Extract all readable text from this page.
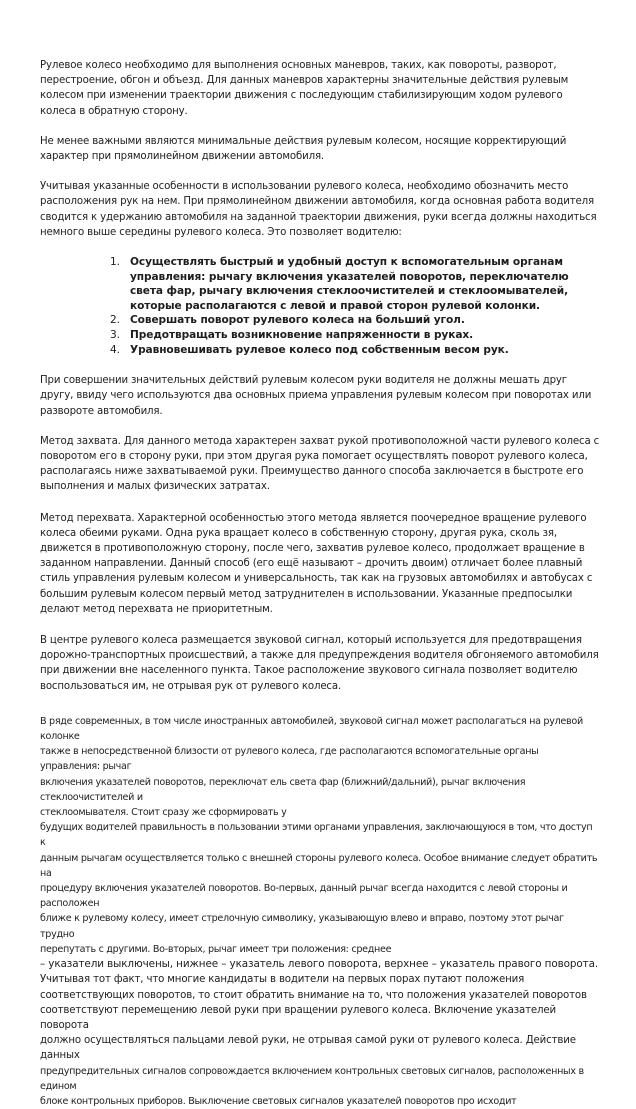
Рулевое колесо необходимо для выполнения основных маневров, таких, как повороты, разворот, перестроение, обгон и объезд. Для данных маневров характерны значительные действия рулевым колесом при изменении траектории движения с последующим стабилизирующим ходом рулевого колеса в обратную сторону.

Не менее важными являются минимальные действия рулевым колесом, носящие корректирующий характер при прямолинейном движении автомобиля.

Учитывая указанные особенности в использовании рулевого колеса, необходимо обозначить место расположения рук на нем. При прямолинейном движении автомобиля, когда основная работа водителя сводится к удержанию автомобиля на заданной траектории движения, руки всегда должны находиться немного выше середины рулевого колеса. Это позволяет водителю:

1. Осуществлять быстрый и удобный доступ к вспомогательным органам управления: рычагу включения указателей поворотов, переключателю света фар, рычагу включения стеклоочистителей и стеклоомывателей, которые располагаются с левой и правой сторон рулевой колонки.
2. Совершать поворот рулевого колеса на больший угол.
3. Предотвращать возникновение напряженности в руках.
4. Уравновешивать рулевое колесо под собственным весом рук.

При совершении значительных действий рулевым колесом руки водителя не должны мешать друг другу, ввиду чего используются два основных приема управления рулевым колесом при поворотах или развороте автомобиля.

Метод захвата. Для данного метода характерен захват рукой противоположной части рулевого колеса с поворотом его в сторону руки, при этом другая рука помогает осуществлять поворот рулевого колеса, располагаясь ниже захватываемой руки. Преимущество данного способа заключается в быстроте его выполнения и малых физических затратах.

Метод перехвата. Характерной особенностью этого метода является поочередное вращение рулевого колеса обеими руками. Одна рука вращает колесо в собственную сторону, другая рука, сколь зя, движется в противоположную сторону, после чего, захватив рулевое колесо, продолжает вращение в заданном направлении. Данный способ (его ещё называют – дрочить двоим) отличает более плавный стиль управления рулевым колесом и универсальность, так как на грузовых автомобилях и автобусах с большим рулевым колесом первый метод затруднителен в использовании. Указанные предпосылки делают метод перехвата не приоритетным.

В центре рулевого колеса размещается звуковой сигнал, который используется для предотвращения дорожно-транспортных происшествий, а также для предупреждения водителя обгоняемого автомобиля при движении вне населенного пункта. Такое расположение звукового сигнала позволяет водителю воспользоваться им, не отрывая рук от рулевого колеса.

В ряде современных, в том числе иностранных автомобилей, звуковой сигнал может располагаться на рулевой колонке
также в непосредственной близости от рулевого колеса, где располагаются вспомогательные органы управления: рычаг
включения указателей поворотов, переключат ель света фар (ближний/дальний), рычаг включения стеклоочистителей и
стеклоомывателя. Стоит сразу же сформировать у
будущих водителей правильность в пользовании этими органами управления, заключающуюся в том, что доступ к
данным рычагам осуществляется только с внешней стороны рулевого колеса. Особое внимание следует обратить на
процедуру включения указателей поворотов. Во-первых, данный рычаг всегда находится с левой стороны и расположен
ближе к рулевому колесу, имеет стрелочную символику, указывающую влево и вправо, поэтому этот рычаг трудно
перепутать с другими. Во-вторых, рычаг имеет три положения: среднее
– указатели выключены, нижнее – указатель левого поворота, верхнее – указатель правого поворота.
Учитывая тот факт, что многие кандидаты в водители на первых порах путают положения
соответствующих поворотов, то стоит обратить внимание на то, что положения указателей поворотов
соответствуют перемещению левой руки при вращении рулевого колеса. Включение указателей поворота
должно осуществляться пальцами левой руки, не отрывая самой руки от рулевого колеса. Действие данных
предупредительных сигналов сопровождается включением контрольных световых сигналов, расположенных в едином
блоке контрольных приборов. Выключение световых сигналов указателей поворотов про исходит
